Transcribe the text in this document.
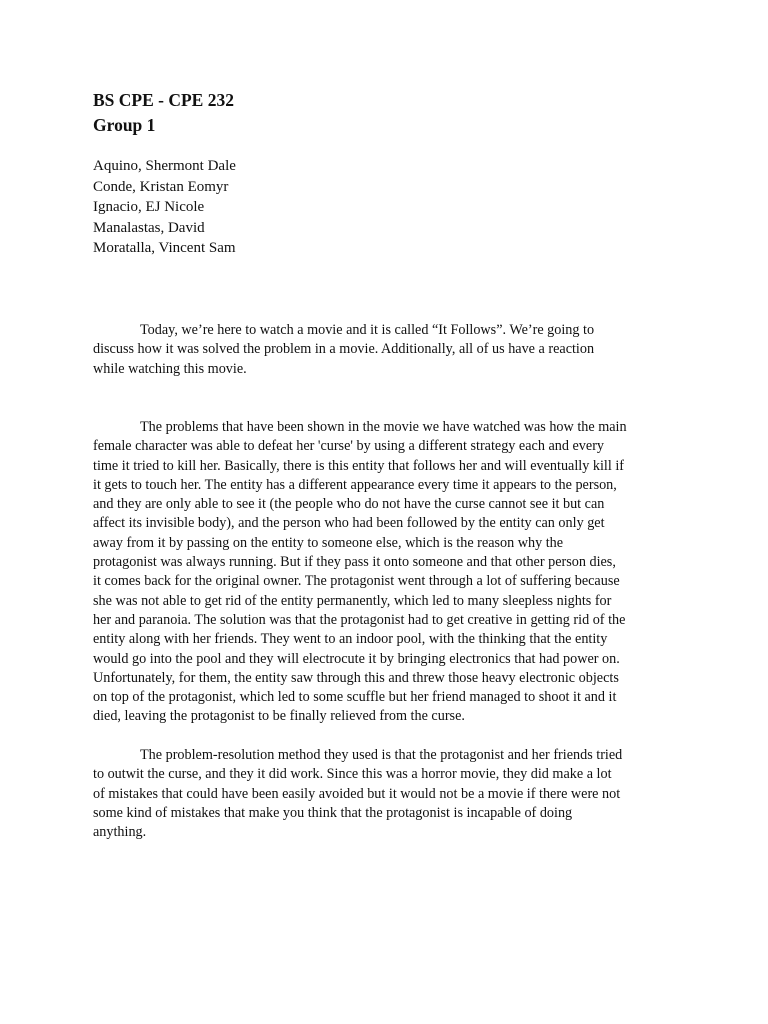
BS CPE - CPE 232
Group 1
Aquino, Shermont Dale
Conde, Kristan Eomyr
Ignacio, EJ Nicole
Manalastas, David
Moratalla, Vincent Sam
Today, we’re here to watch a movie and it is called “It Follows”. We’re going to
discuss how it was solved the problem in a movie. Additionally, all of us have a reaction
while watching this movie.
The problems that have been shown in the movie we have watched was how the main
female character was able to defeat her 'curse' by using a different strategy each and every
time it tried to kill her. Basically, there is this entity that follows her and will eventually kill if
it gets to touch her. The entity has a different appearance every time it appears to the person,
and they are only able to see it (the people who do not have the curse cannot see it but can
affect its invisible body), and the person who had been followed by the entity can only get
away from it by passing on the entity to someone else, which is the reason why the
protagonist was always running. But if they pass it onto someone and that other person dies,
it comes back for the original owner. The protagonist went through a lot of suffering because
she was not able to get rid of the entity permanently, which led to many sleepless nights for
her and paranoia. The solution was that the protagonist had to get creative in getting rid of the
entity along with her friends. They went to an indoor pool, with the thinking that the entity
would go into the pool and they will electrocute it by bringing electronics that had power on.
Unfortunately, for them, the entity saw through this and threw those heavy electronic objects
on top of the protagonist, which led to some scuffle but her friend managed to shoot it and it
died, leaving the protagonist to be finally relieved from the curse.
The problem-resolution method they used is that the protagonist and her friends tried
to outwit the curse, and they it did work. Since this was a horror movie, they did make a lot
of mistakes that could have been easily avoided but it would not be a movie if there were not
some kind of mistakes that make you think that the protagonist is incapable of doing
anything.
